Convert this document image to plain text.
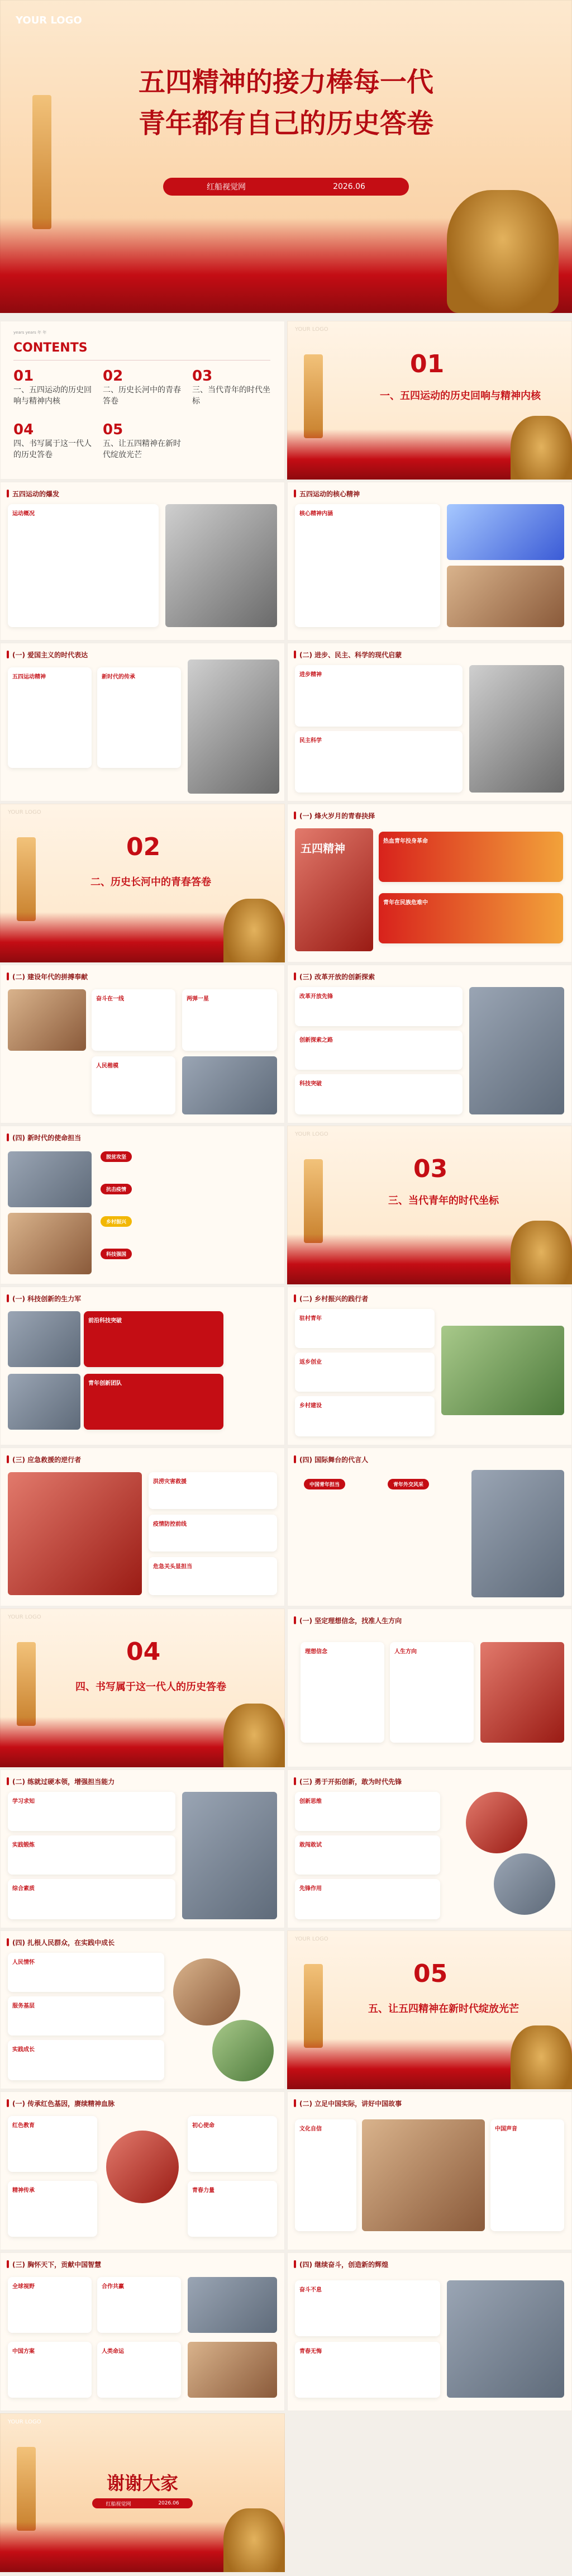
YOUR LOGO
五四精神的接力棒每一代
青年都有自己的历史答卷
红船视觉网	2026.06
years years 年 年
CONTENTS
01
一、五四运动的历史回响与精神内核
02
二、历史长河中的青春答卷
03
三、当代青年的时代坐标
04
四、书写属于这一代人的历史答卷
05
五、让五四精神在新时代绽放光芒
YOUR LOGO
01
一、五四运动的历史回响与精神内核
五四运动的爆发
运动概况
五四运动的核心精神
核心精神内涵
(一) 爱国主义的时代表达
五四运动精神	新时代的传承
(二) 进步、民主、科学的现代启蒙
进步精神
民主科学
YOUR LOGO
02
二、历史长河中的青春答卷
(一) 烽火岁月的青春抉择
五四精神
热血青年投身革命
青年在民族危难中
(二) 建设年代的拼搏奉献
奋斗在一线	两弹一星
人民楷模
(三) 改革开放的创新探索
改革开放先锋
创新探索之路
科技突破
(四) 新时代的使命担当
脱贫攻坚
抗击疫情
乡村振兴
科技强国
YOUR LOGO
03
三、当代青年的时代坐标
(一) 科技创新的生力军
前沿科技突破
青年创新团队
(二) 乡村振兴的践行者
驻村青年
返乡创业
乡村建设
(三) 应急救援的逆行者
洪涝灾害救援
疫情防控前线
危急关头显担当
(四) 国际舞台的代言人
中国青年担当	青年外交风采
YOUR LOGO
04
四、书写属于这一代人的历史答卷
(一) 坚定理想信念，找准人生方向
理想信念	人生方向
(二) 练就过硬本领，增强担当能力
学习求知
实践锻炼
综合素质
(三) 勇于开拓创新，敢为时代先锋
创新思维
敢闯敢试
先锋作用
(四) 扎根人民群众，在实践中成长
人民情怀
服务基层
实践成长
YOUR LOGO
05
五、让五四精神在新时代绽放光芒
(一) 传承红色基因，赓续精神血脉
红色教育
精神传承
初心使命
青春力量
(二) 立足中国实际，讲好中国故事
文化自信	中国声音
(三) 胸怀天下，贡献中国智慧
全球视野	合作共赢
中国方案	人类命运
(四) 继续奋斗，创造新的辉煌
奋斗不息
青春无悔
YOUR LOGO
谢谢大家
红船视觉网	2026.06
